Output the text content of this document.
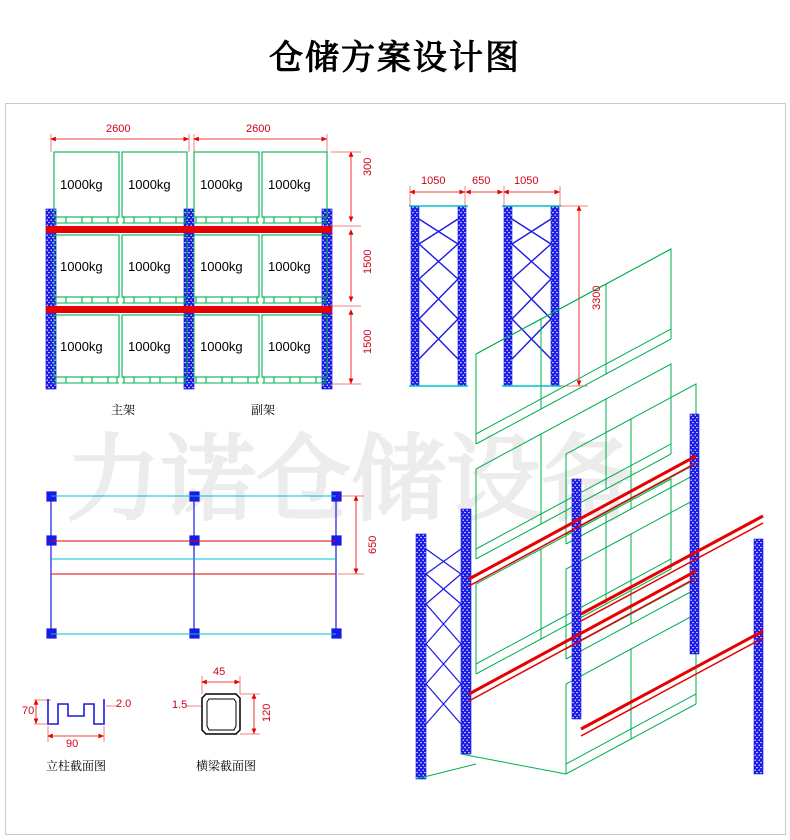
仓储方案设计图
力诺仓储设备
1000kg 1000kg 1000kg 1000kg
1000kg 1000kg 1000kg 1000kg
1000kg 1000kg 1000kg 1000kg
2600	2600
300
1500
1500
主架	副架
1050 650 1050
3300
650
70
90
2.0
立柱截面图
45
1.5	120
横梁截面图
